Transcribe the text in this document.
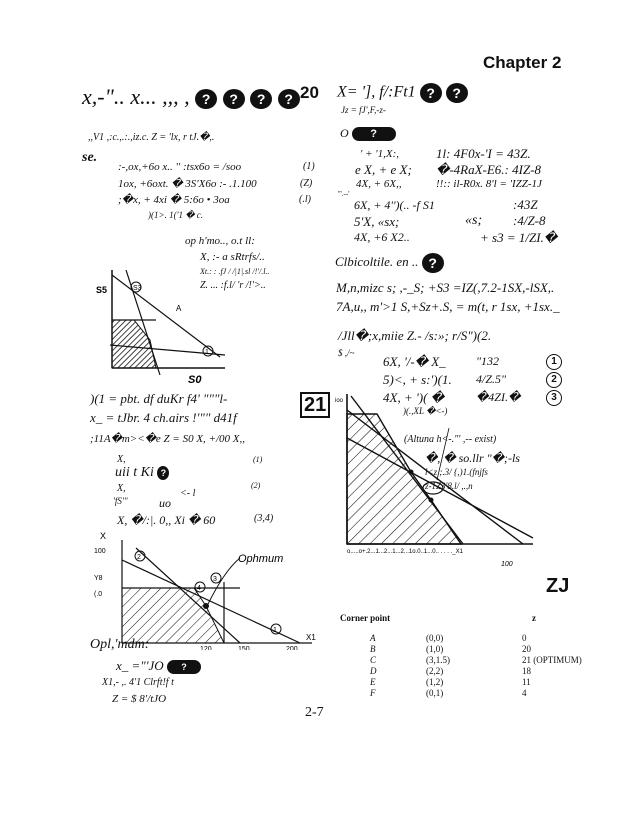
Chapter 2
2-7
x,-".. x... ,,, , ? ? ? ?
,,V1 ,:c.,.:.,iz.c. Z = 'lx, r tJ.�,.
se.
:-,ox,+6o x.. '' :tsx6o = /soo	(1)
1ox, +6oxt. � 3S'X6o :- .1.100	(Z)
;�x, + 4xi � 5:6o • 3oa	(.l)
)(1>. 1('1 � c.
op h'mo.., o.t ll:
X, :- a sRtrfs/..
Xt.: : .fJ / /|1|.sl /!'/.l..
Z. ... :f.l/ 'r /!'>..
S5	S3
A
1
S0
)(1 = pbt. df duKr f4' """l-
x_ = tJbr. 4 ch.airs !'"" d41f
;11A�m><�e Z = S0 X, +/00 X,,
X,
uii t Ki ?
(1)
X,
'fS'"	uo
<- l
(2)
X, �/:|. 0,, Xi � 60	(3,4)
X
100
Y8
(.0
Ophmum
2
4
3
1
120	150	200
X1
Opl,'mdm:
x_ ="'JO ?
X1,- ,. 4'1 Clrft!f t
Z = $ 8'/tJO
20 X= '], f/:Ft1 ? ?
Jz = fJ',F,-z-
O ?
' + '1,X:,	1l: 4F0x-'I = 43Z.
e X, + e X; �-4RaX-E6.: 4IZ-8
4X, + 6X,,	!!:: il-R0x. 8'l = 'IZZ-1J
'''.--'
6X, + 4'')(.. -f S1	:43Z
5'X, «sx;	«s; :4/Z-8
4X, +6 X2..	+ s3 = 1/ZI.�
Clbicoltile. en .. ?
M,n,mizc s; ,-_S; +S3 =IZ(,7.2-1SX,-lSX,.
7A,u,, m'>1 S,+Sz+.S, = m(t, r 1sx, +1sx._
/Jll�;x,miie Z.- /s:»; r/S")(2.
$ ,/~
6X, '/-� X_	"132	1
5)<, + s:')(1. 4/Z.5"	2
4X, + ')( �	�4ZI.�	3
)(.,XL �<-)
21	ioo
o.....o+.2...1...2...1...2...1o.0..1...0.. . . . ._X1
100
(Altuna h<-."' ,-- exist)
�, � so.llr "�;-ls
l<z ;.3/ {,)1.(fnjfs
z-1Z3'8.l/ ,.,n
ZJ
Corner point		z

A	(0,0)	0
B	(1,0)	20
C	(3,1.5)	21 (OPTIMUM)
D	(2,2)	18
E	(1,2)	11
F	(0,1)	4
